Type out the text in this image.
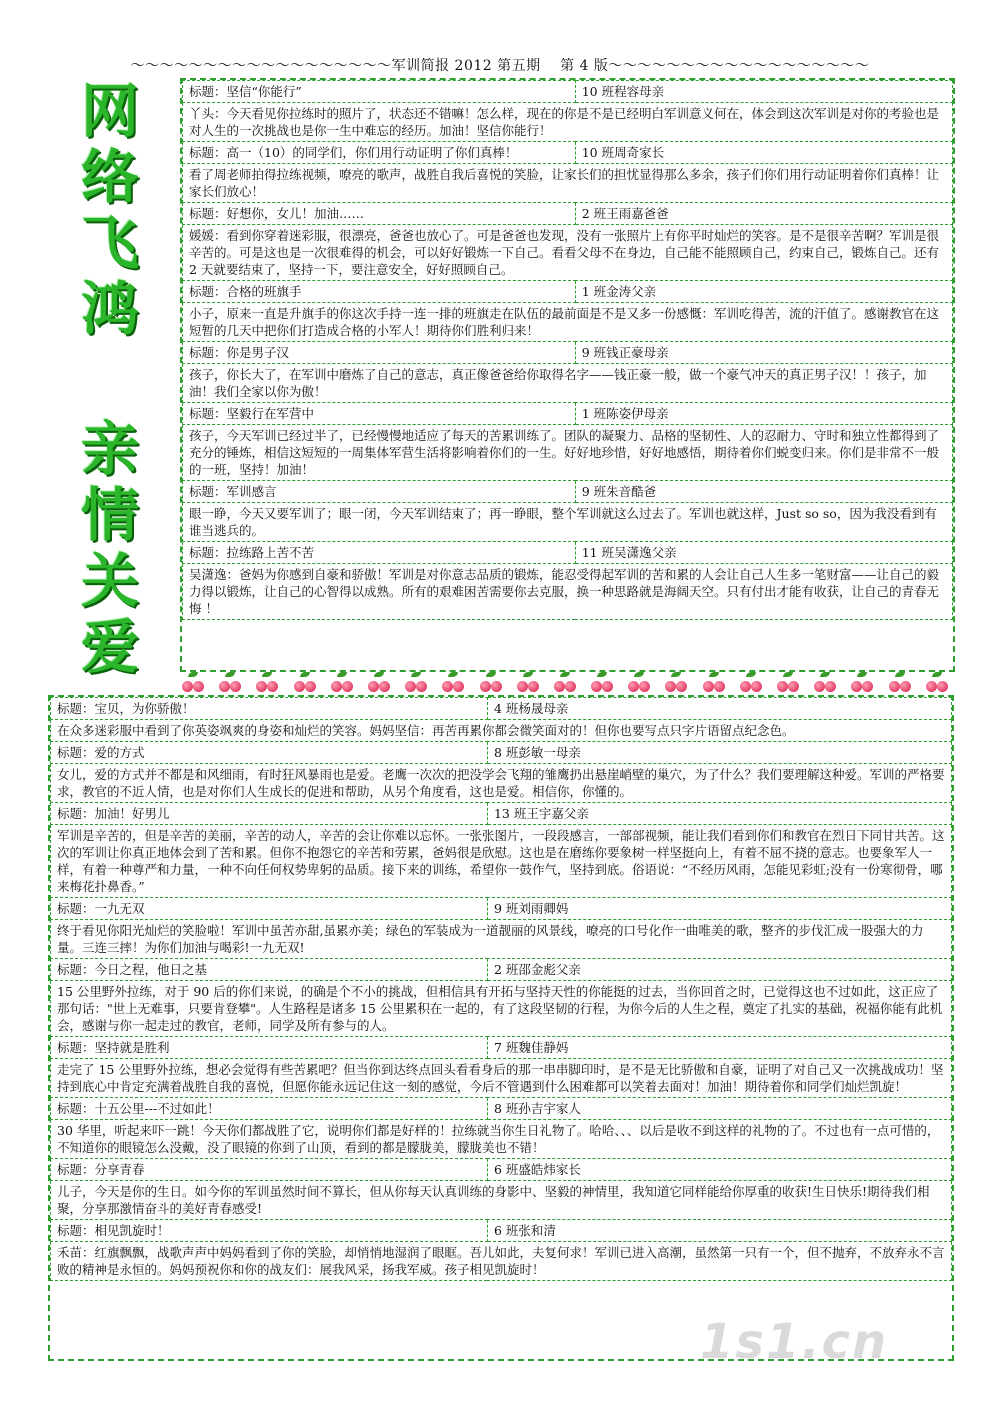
～～～～～～～～～～～～～～～～～～军训简报 2012 第五期　 第 4 版～～～～～～～～～～～～～～～～～～
网
络
飞
鸿
亲
情
关
爱
标题：坚信“你能行”	10 班程容母亲
丫头：今天看见你拉练时的照片了，状态还不错嘛！怎么样，现在的你是不是已经明白军训意义何在，体会到这次军训是对你的考验也是对人生的一次挑战也是你一生中难忘的经历。加油！坚信你能行！	
标题：高一（10）的同学们，你们用行动证明了你们真棒！	10 班周奇家长
看了周老师拍得拉练视频，嘹亮的歌声，战胜自我后喜悦的笑脸，让家长们的担忧显得那么多余，孩子们你们用行动证明着你们真棒！让家长们放心！	
标题：好想你，女儿！加油……	2 班王雨嘉爸爸
媛媛：看到你穿着迷彩服，很漂亮，爸爸也放心了。可是爸爸也发现，没有一张照片上有你平时灿烂的笑容。是不是很辛苦啊？军训是很辛苦的。可是这也是一次很难得的机会，可以好好锻炼一下自己。看看父母不在身边，自己能不能照顾自己，约束自己，锻炼自己。还有 2 天就要结束了，坚持一下，要注意安全，好好照顾自己。	
标题：合格的班旗手	1 班金涛父亲
小子，原来一直是升旗手的你这次手持一连一排的班旗走在队伍的最前面是不是又多一份感慨：军训吃得苦，流的汗值了。感谢教官在这短暂的几天中把你们打造成合格的小军人！期待你们胜利归来！	
标题：你是男子汉	9 班钱正豪母亲
孩子，你长大了，在军训中磨炼了自己的意志，真正像爸爸给你取得名字——钱正豪一般，做一个豪气冲天的真正男子汉！！孩子，加油！我们全家以你为傲！	
标题：坚毅行在军营中	1 班陈姿伊母亲
孩子，今天军训已经过半了，已经慢慢地适应了每天的苦累训练了。团队的凝聚力、品格的坚韧性、人的忍耐力、守时和独立性都得到了充分的锤炼，相信这短短的一周集体军营生活将影响着你们的一生。好好地珍惜，好好地感悟，期待着你们蜕变归来。你们是非常不一般的一班，坚持！加油！	
标题：军训感言	9 班朱音酷爸
眼一睁，今天又要军训了；眼一闭，今天军训结束了；再一睁眼，整个军训就这么过去了。军训也就这样，Just so so，因为我没看到有谁当逃兵的。	
标题：拉练路上苦不苦	11 班吴潇逸父亲
吴潇逸：爸妈为你感到自豪和骄傲！军训是对你意志品质的锻炼，能忍受得起军训的苦和累的人会让自己人生多一笔财富——让自己的毅力得以锻炼，让自己的心智得以成熟。所有的艰难困苦需要你去克服，换一种思路就是海阔天空。只有付出才能有收获，让自己的青春无悔 ！	
标题：宝贝，为你骄傲！	4 班杨晟母亲
在众多迷彩服中看到了你英姿飒爽的身姿和灿烂的笑容。妈妈坚信：再苦再累你都会微笑面对的！但你也要写点只字片语留点纪念色。	
标题：爱的方式	8 班彭敏一母亲
女儿，爱的方式并不都是和风细雨，有时狂风暴雨也是爱。老鹰一次次的把没学会飞翔的雏鹰扔出悬崖峭壁的巢穴，为了什么？我们要理解这种爱。军训的严格要求，教官的不近人情，也是对你们人生成长的促进和帮助，从另个角度看，这也是爱。相信你，你懂的。	
标题：加油！好男儿	13 班王宇嘉父亲
军训是辛苦的，但是辛苦的美丽，辛苦的动人，辛苦的会让你难以忘怀。一张张图片，一段段感言，一部部视频，能让我们看到你们和教官在烈日下同甘共苦。这次的军训让你真正地体会到了苦和累。但你不抱怨它的辛苦和劳累，爸妈很是欣慰。这也是在磨练你要象树一样坚挺向上，有着不屈不挠的意志。也要象军人一样，有着一种尊严和力量，一种不向任何权势卑躬的品质。接下来的训练，希望你一鼓作气，坚持到底。俗语说：“不经历风雨，怎能见彩虹;没有一份寒彻骨，哪来梅花扑鼻香。”	
标题：一九无双	9 班刘雨卿妈
终于看见你阳光灿烂的笑脸啦！军训中虽苦亦甜,虽累亦美；绿色的军装成为一道靓丽的风景线，嘹亮的口号化作一曲唯美的歌，整齐的步伐汇成一股强大的力量。三连三摔！为你们加油与喝彩!一九无双!	
标题：今日之程，他日之基	2 班邵金彪父亲
15 公里野外拉练，对于 90 后的你们来说，的确是个不小的挑战，但相信具有开拓与坚持天性的你能挺的过去，当你回首之时，已觉得这也不过如此，这正应了那句话："世上无难事，只要肯登攀"。人生路程是诸多 15 公里累积在一起的，有了这段坚韧的行程，为你今后的人生之程，奠定了扎实的基础，祝福你能有此机会，感谢与你一起走过的教官，老师，同学及所有参与的人。	
标题：坚持就是胜利	7 班魏佳静妈
走完了 15 公里野外拉练，想必会觉得有些苦累吧？但当你到达终点回头看看身后的那一串串脚印时，是不是无比骄傲和自豪，证明了对自己又一次挑战成功！坚持到底心中肯定充满着战胜自我的喜悦，但愿你能永远记住这一刻的感觉，今后不管遇到什么困难都可以笑着去面对！加油！期待着你和同学们灿烂凯旋！	
标题：十五公里---不过如此！	8 班孙吉宇家人
30 华里，听起来吓一跳！今天你们都战胜了它，说明你们都是好样的！拉练就当你生日礼物了。哈哈、、、以后是收不到这样的礼物的了。不过也有一点可惜的，不知道你的眼镜怎么没戴，没了眼镜的你到了山顶，看到的都是朦胧美，朦胧美也不错！	
标题：分享青春	6 班盛皓炜家长
儿子，今天是你的生日。如今你的军训虽然时间不算长，但从你每天认真训练的身影中、坚毅的神情里，我知道它同样能给你厚重的收获!生日快乐!期待我们相聚，分享那激情奋斗的美好青春感受!	
标题：相见凯旋时！	6 班张和清
禾苗：红旗飘飘，战歌声声中妈妈看到了你的笑脸，却悄悄地湿润了眼眶。吾儿如此，夫复何求！军训已进入高潮，虽然第一只有一个，但不抛弃，不放弃永不言败的精神是永恒的。妈妈预祝你和你的战友们：展我风采，扬我军威。孩子相见凯旋时！	
1s1.cn
